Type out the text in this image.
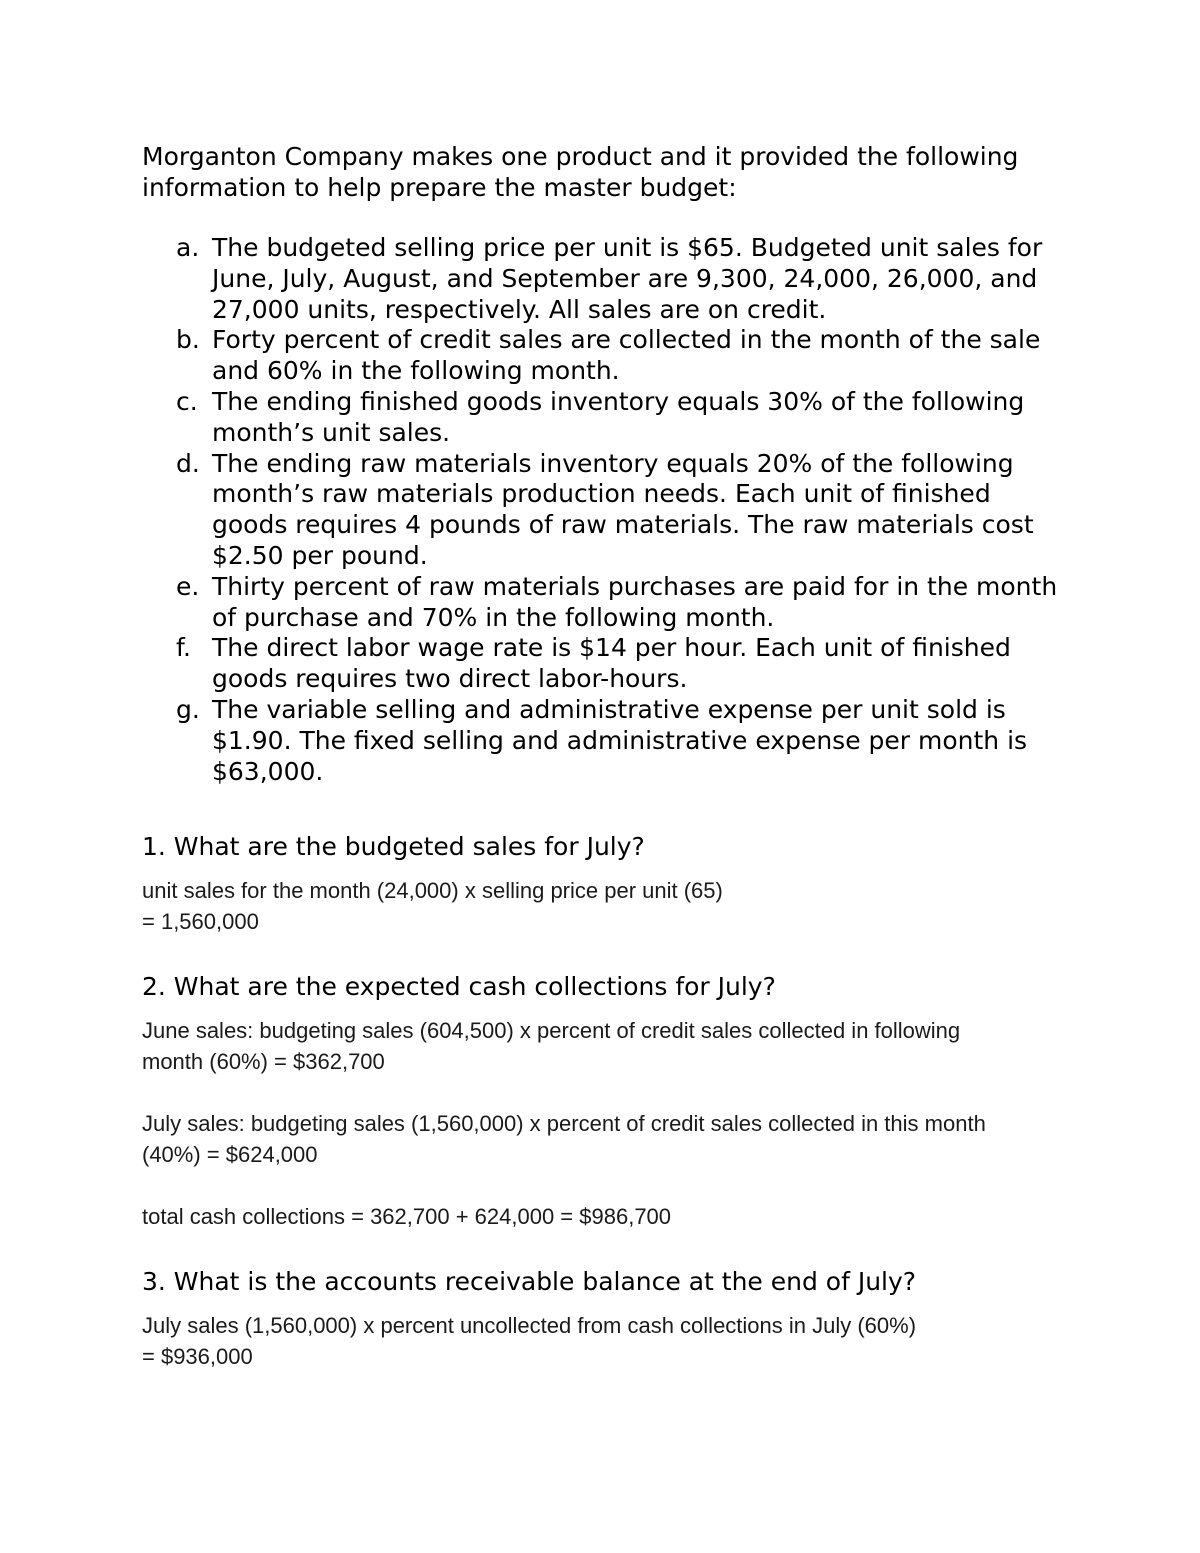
Morganton Company makes one product and it provided the following information to help prepare the master budget:

a. The budgeted selling price per unit is $65. Budgeted unit sales for June, July, August, and September are 9,300, 24,000, 26,000, and 27,000 units, respectively. All sales are on credit.
b. Forty percent of credit sales are collected in the month of the sale and 60% in the following month.
c. The ending finished goods inventory equals 30% of the following month’s unit sales.
d. The ending raw materials inventory equals 20% of the following month’s raw materials production needs. Each unit of finished goods requires 4 pounds of raw materials. The raw materials cost $2.50 per pound.
e. Thirty percent of raw materials purchases are paid for in the month of purchase and 70% in the following month.
f. The direct labor wage rate is $14 per hour. Each unit of finished goods requires two direct labor-hours.
g. The variable selling and administrative expense per unit sold is $1.90. The fixed selling and administrative expense per month is $63,000.

1. What are the budgeted sales for July?

unit sales for the month (24,000) x selling price per unit (65)
= 1,560,000

2. What are the expected cash collections for July?

June sales: budgeting sales (604,500) x percent of credit sales collected in following
month (60%) = $362,700

July sales: budgeting sales (1,560,000) x percent of credit sales collected in this month
(40%) = $624,000

total cash collections = 362,700 + 624,000 = $986,700

3. What is the accounts receivable balance at the end of July?

July sales (1,560,000) x percent uncollected from cash collections in July (60%)
= $936,000
